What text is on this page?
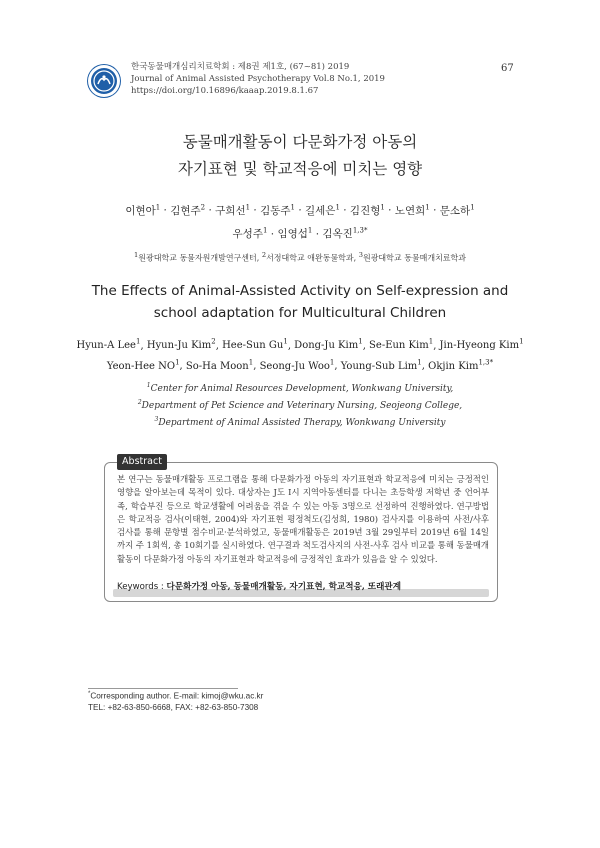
한국동물매개심리치료학회 : 제8권 제1호, (67~81) 2019
Journal of Animal Assisted Psychotherapy Vol.8 No.1, 2019
https://doi.org/10.16896/kaaap.2019.8.1.67
67
동물매개활동이 다문화가정 아동의
자기표현 및 학교적응에 미치는 영향
이현아$^1$ · 김현주$^2$ · 구희선$^1$ · 김동주$^1$ · 길세은$^1$ · 김진형$^1$ · 노연희$^1$ · 문소하$^1$
우성주$^1$ · 임영섭$^1$ · 김옥진$^{1,3*}$
$^1$원광대학교 동물자원개발연구센터, $^2$서정대학교 애완동물학과, $^3$원광대학교 동물매개치료학과
The Effects of Animal-Assisted Activity on Self-expression and
school adaptation for Multicultural Children
Hyun-A Lee$^1$, Hyun-Ju Kim$^2$, Hee-Sun Gu$^1$, Dong-Ju Kim$^1$, Se-Eun Kim$^1$, Jin-Hyeong Kim$^1$
Yeon-Hee $NO^1$, So-Ha Moon$^1$, Seong-Ju Woo$^1$, Young-Sub Lim$^1$, Okjin Kim$^{1,3*}$
$^1$Center for Animal Resources Development, Wonkwang University,
$^2$Department of Pet Science and Veterinary Nursing, Seojeong College,
$^3$Department of Animal Assisted Therapy, Wonkwang University
Abstract
본 연구는 동물매개활동 프로그램을 통해 다문화가정 아동의 자기표현과 학교적응에 미치는 긍정적인 영향을 알아보는데 목적이 있다. 대상자는 J도 I시 지역아동센터를 다니는 초등학생 저학년 중 언어부족, 학습부진 등으로 학교생활에 어려움을 겪을 수 있는 아동 3명으로 선정하여 진행하였다. 연구방법은 학교적응 검사(이태현, 2004)와 자기표현 평정척도(김성희, 1980) 검사지를 이용하여 사전/사후 검사를 통해 문항별 점수비교·분석하였고, 동물매개활동은 2019년 3월 29일부터 2019년 6월 14일까지 주 1회씩, 총 10회기를 실시하였다. 연구결과 척도검사지의 사전-사후 검사 비교를 통해 동물매개활동이 다문화가정 아동의 자기표현과 학교적응에 긍정적인 효과가 있음을 알 수 있었다.
Keywords : 다문화가정 아동, 동물매개활동, 자기표현, 학교적응, 또래관계
*Corresponding author. E-mail: kimoj@wku.ac.kr
TEL: +82-63-850-6668, FAX: +82-63-850-7308
